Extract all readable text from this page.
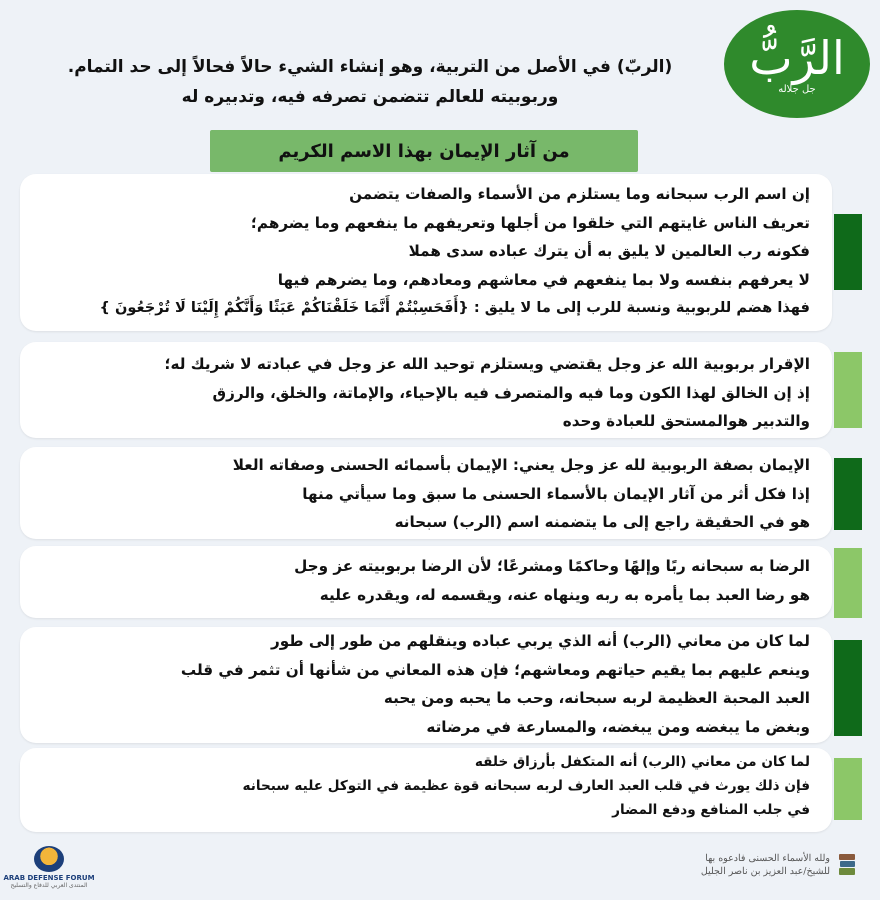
الرَّبُّ
جل جلاله
(الربّ) في الأصل من التربية، وهو إنشاء الشيء حالاً فحالاً إلى حد التمام.
وربوبيته للعالم تتضمن تصرفه فيه، وتدبيره له
من آثار الإيمان بهذا الاسم الكريم
إن اسم الرب سبحانه وما يستلزم من الأسماء والصفات يتضمن
تعريف الناس غايتهم التي خلقوا من أجلها وتعريفهم ما ينفعهم وما يضرهم؛
فكونه رب العالمين لا يليق به أن يترك عباده سدى هملا
لا يعرفهم بنفسه ولا بما ينفعهم في معاشهم ومعادهم، وما يضرهم فيها
فهذا هضم للربوبية ونسبة للرب إلى ما لا يليق : {أَفَحَسِبْتُمْ أَنَّمَا خَلَقْنَاكُمْ عَبَثًا وَأَنَّكُمْ إِلَيْنَا لَا تُرْجَعُونَ }
الإقرار بربوبية الله عز وجل يقتضي ويستلزم توحيد الله عز وجل في عبادته لا شريك له؛
إذ إن الخالق لهذا الكون وما فيه والمتصرف فيه بالإحياء، والإماتة، والخلق، والرزق
والتدبير هوالمستحق للعبادة وحده
الإيمان بصفة الربوبية لله عز وجل يعني: الإيمان بأسمائه الحسنى وصفاته العلا
إذا فكل أثر من آثار الإيمان بالأسماء الحسنى ما سبق وما سيأتي منها
هو في الحقيقة راجع إلى ما يتضمنه اسم (الرب) سبحانه
الرضا به سبحانه ربًا وإلهًا وحاكمًا ومشرعًا؛ لأن الرضا بربوبيته عز وجل
هو رضا العبد بما يأمره به ربه وينهاه عنه، ويقسمه له، ويقدره عليه
لما كان من معاني (الرب) أنه الذي يربي عباده وينقلهم من طور إلى طور
وينعم عليهم بما يقيم حياتهم ومعاشهم؛ فإن هذه المعاني من شأنها أن تثمر في قلب
العبد المحبة العظيمة لربه سبحانه، وحب ما يحبه ومن يحبه
وبغض ما يبغضه ومن يبغضه، والمسارعة في مرضاته
لما كان من معاني (الرب) أنه المتكفل بأرزاق خلقه
فإن ذلك يورث في قلب العبد العارف لربه سبحانه قوة عظيمة في التوكل عليه سبحانه
في جلب المنافع ودفع المضار
ARAB DEFENSE FORUM
المنتدى العربي للدفاع والتسليح
ولله الأسماء الحسنى فادعوه بها
للشيخ/عبد العزيز بن ناصر الجليل
